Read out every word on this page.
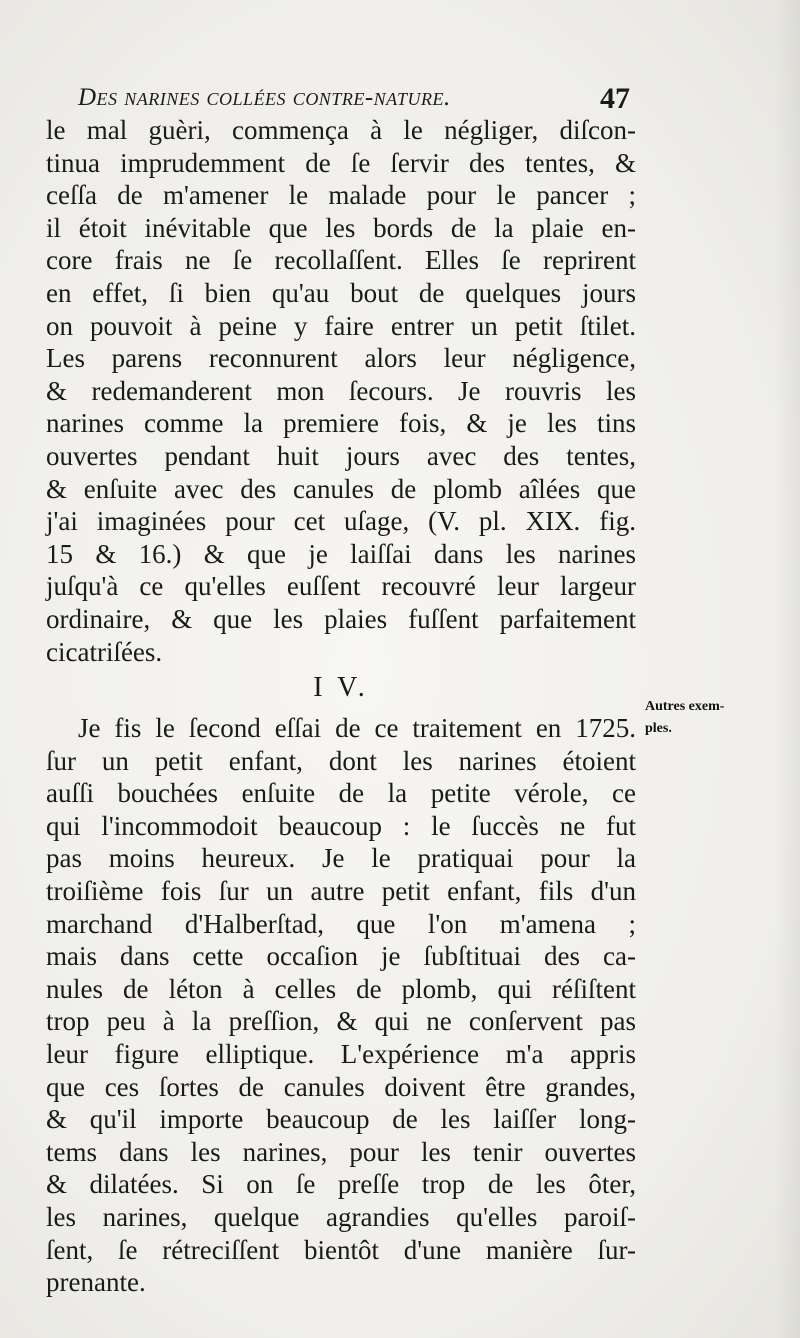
Des narines collées contre-nature.	47
le mal guèri, commença à le négliger, diſcon-
tinua imprudemment de ſe ſervir des tentes, &
ceſſa de m'amener le malade pour le pancer ;
il étoit inévitable que les bords de la plaie en-
core frais ne ſe recollaſſent. Elles ſe reprirent
en effet, ſi bien qu'au bout de quelques jours
on pouvoit à peine y faire entrer un petit ſtilet.
Les parens reconnurent alors leur négligence,
& redemanderent mon ſecours. Je rouvris les
narines comme la premiere fois, & je les tins
ouvertes pendant huit jours avec des tentes,
& enſuite avec des canules de plomb aîlées que
j'ai imaginées pour cet uſage, (V. pl. XIX. fig.
15 & 16.) & que je laiſſai dans les narines
juſqu'à ce qu'elles euſſent recouvré leur largeur
ordinaire, & que les plaies fuſſent parfaitement
cicatriſées.
I V.
Je fis le ſecond eſſai de ce traitement en 1725.
ſur un petit enfant, dont les narines étoient
auſſi bouchées enſuite de la petite vérole, ce
qui l'incommodoit beaucoup : le ſuccès ne fut
pas moins heureux. Je le pratiquai pour la
troiſième fois ſur un autre petit enfant, fils d'un
marchand d'Halberſtad, que l'on m'amena ;
mais dans cette occaſion je ſubſtituai des ca-
nules de léton à celles de plomb, qui réſiſtent
trop peu à la preſſion, & qui ne conſervent pas
leur figure elliptique. L'expérience m'a appris
que ces ſortes de canules doivent être grandes,
& qu'il importe beaucoup de les laiſſer long-
tems dans les narines, pour les tenir ouvertes
& dilatées. Si on ſe preſſe trop de les ôter,
les narines, quelque agrandies qu'elles paroiſ-
ſent, ſe rétreciſſent bientôt d'une manière ſur-
prenante.
Autres exem-
ples.
